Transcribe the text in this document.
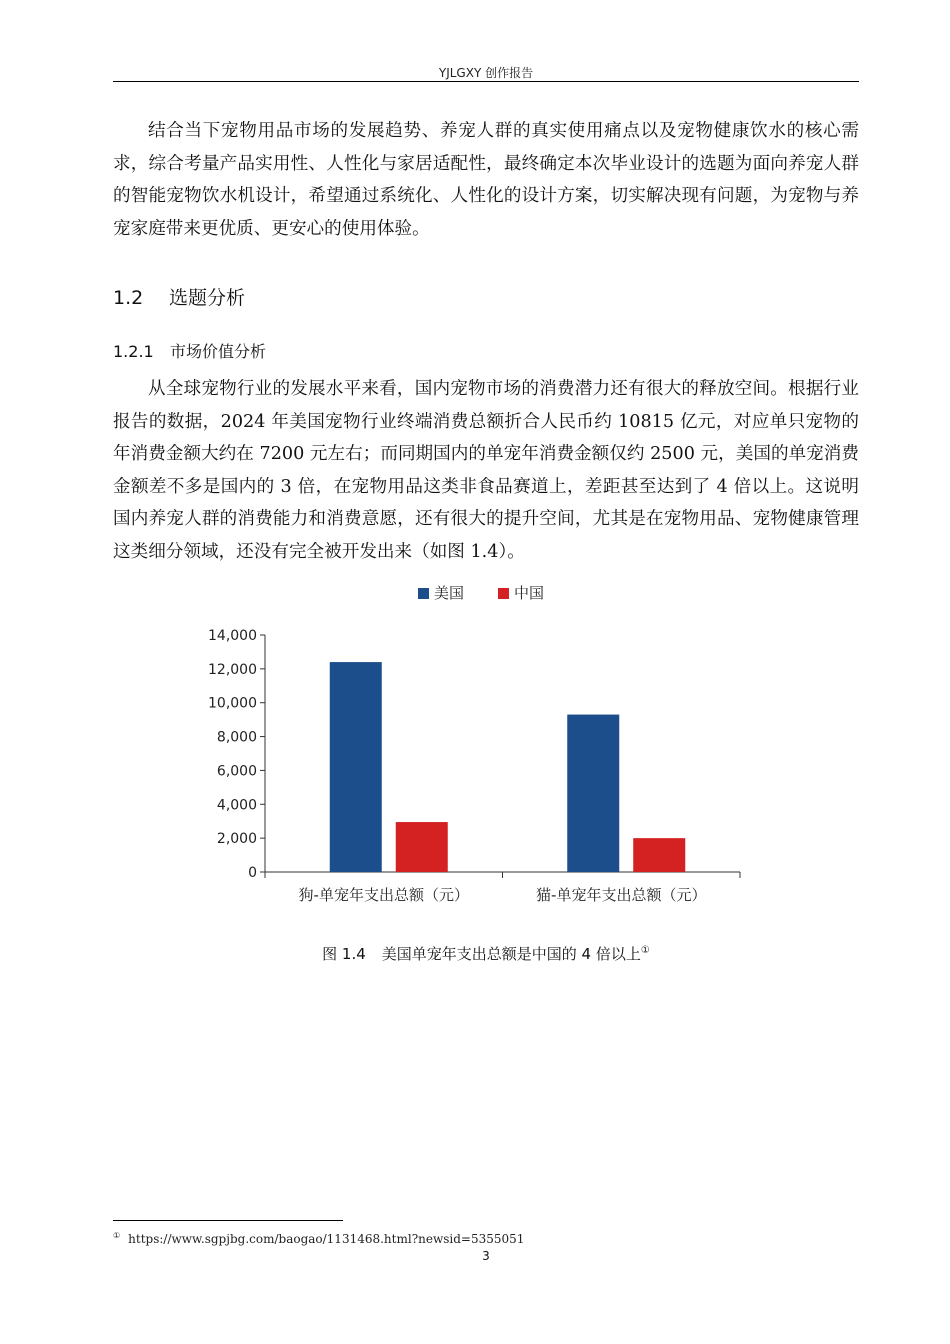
YJLGXY 创作报告

结合当下宠物用品市场的发展趋势、养宠人群的真实使用痛点以及宠物健康饮水的核心需求，综合考量产品实用性、人性化与家居适配性，最终确定本次毕业设计的选题为面向养宠人群的智能宠物饮水机设计，希望通过系统化、人性化的设计方案，切实解决现有问题，为宠物与养宠家庭带来更优质、更安心的使用体验。

1.2 选题分析
1.2.1 市场价值分析

从全球宠物行业的发展水平来看，国内宠物市场的消费潜力还有很大的释放空间。根据行业报告的数据，2024 年美国宠物行业终端消费总额折合人民币约 10815 亿元，对应单只宠物的年消费金额大约在 7200 元左右；而同期国内的单宠年消费金额仅约 2500 元，美国的单宠消费金额差不多是国内的 3 倍，在宠物用品这类非食品赛道上，差距甚至达到了 4 倍以上。这说明国内养宠人群的消费能力和消费意愿，还有很大的提升空间，尤其是在宠物用品、宠物健康管理这类细分领域，还没有完全被开发出来（如图 1.4）。

美国	中国
14,000
12,000
10,000
8,000
6,000
4,000
2,000
0
狗-单宠年支出总额（元）	猫-单宠年支出总额（元）
图 1.4 美国单宠年支出总额是中国的 4 倍以上①
① https://www.sgpjbg.com/baogao/1131468.html?newsid=5355051
3
